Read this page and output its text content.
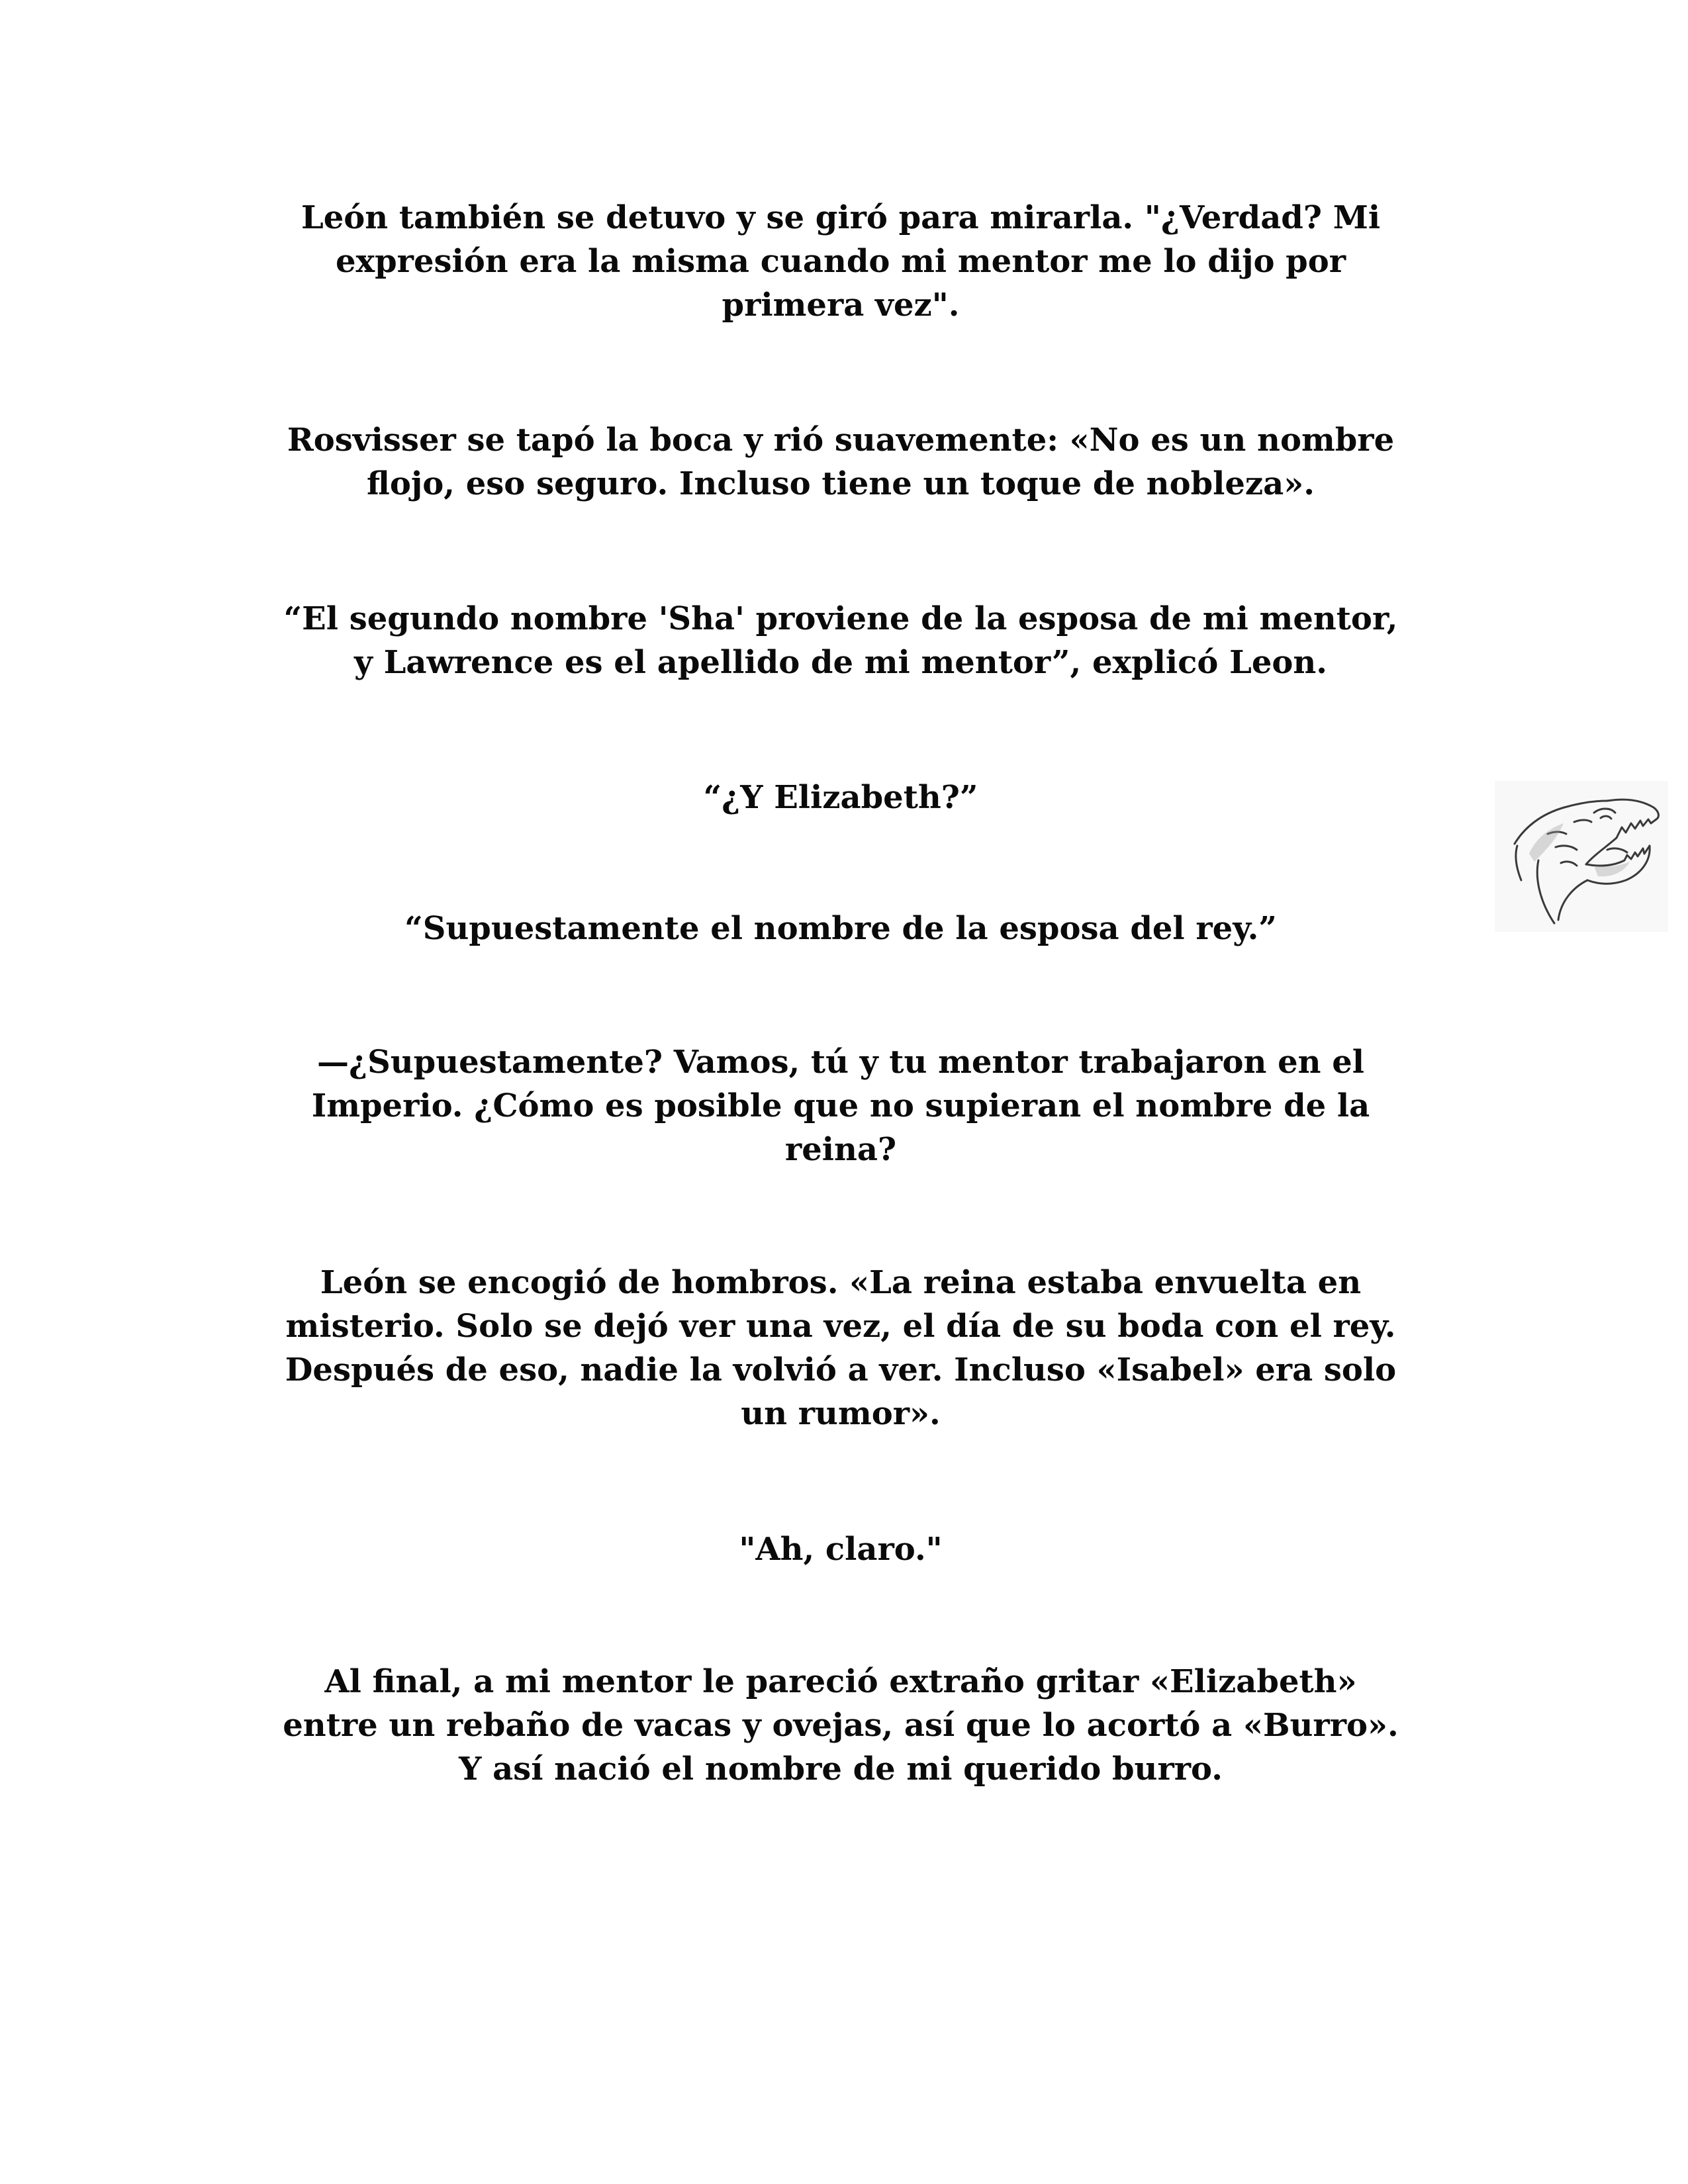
León también se detuvo y se giró para mirarla. "¿Verdad? Mi
expresión era la misma cuando mi mentor me lo dijo por
primera vez".

Rosvisser se tapó la boca y rió suavemente: «No es un nombre
flojo, eso seguro. Incluso tiene un toque de nobleza».

“El segundo nombre 'Sha' proviene de la esposa de mi mentor,
y Lawrence es el apellido de mi mentor”, explicó Leon.

“¿Y Elizabeth?”

“Supuestamente el nombre de la esposa del rey.”

—¿Supuestamente? Vamos, tú y tu mentor trabajaron en el
Imperio. ¿Cómo es posible que no supieran el nombre de la
reina?

León se encogió de hombros. «La reina estaba envuelta en
misterio. Solo se dejó ver una vez, el día de su boda con el rey.
Después de eso, nadie la volvió a ver. Incluso «Isabel» era solo
un rumor».

"Ah, claro."

Al final, a mi mentor le pareció extraño gritar «Elizabeth»
entre un rebaño de vacas y ovejas, así que lo acortó a «Burro».
Y así nació el nombre de mi querido burro.
